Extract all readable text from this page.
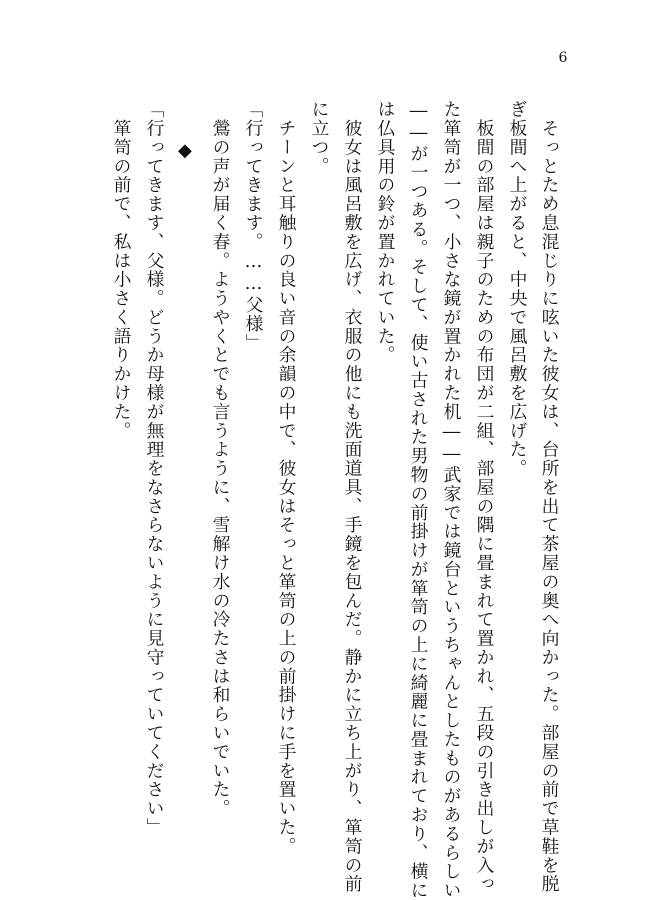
6
　そっとため息混じりに呟いた彼女は、台所を出て茶屋の奥へ向かった。部屋の前で草鞋を脱
ぎ板間へ上がると、中央で風呂敷を広げた。
　板間の部屋は親子のための布団が二組、部屋の隅に畳まれて置かれ、五段の引き出しが入っ
た箪笥が一つ、小さな鏡が置かれた机――武家では鏡台というちゃんとしたものがあるらしい
――が一つある。そして、使い古された男物の前掛けが箪笥の上に綺麗に畳まれており、横に
は仏具用の鈴が置かれていた。
　彼女は風呂敷を広げ、衣服の他にも洗面道具、手鏡を包んだ。静かに立ち上がり、箪笥の前
に立つ。
　チーンと耳触りの良い音の余韻の中で、彼女はそっと箪笥の上の前掛けに手を置いた。
「行ってきます。……父様」
　鶯の声が届く春。ようやくとでも言うように、雪解け水の冷たさは和らいでいた。
◆
「行ってきます、父様。どうか母様が無理をなさらないように見守っていてください」
　箪笥の前で、私は小さく語りかけた。
